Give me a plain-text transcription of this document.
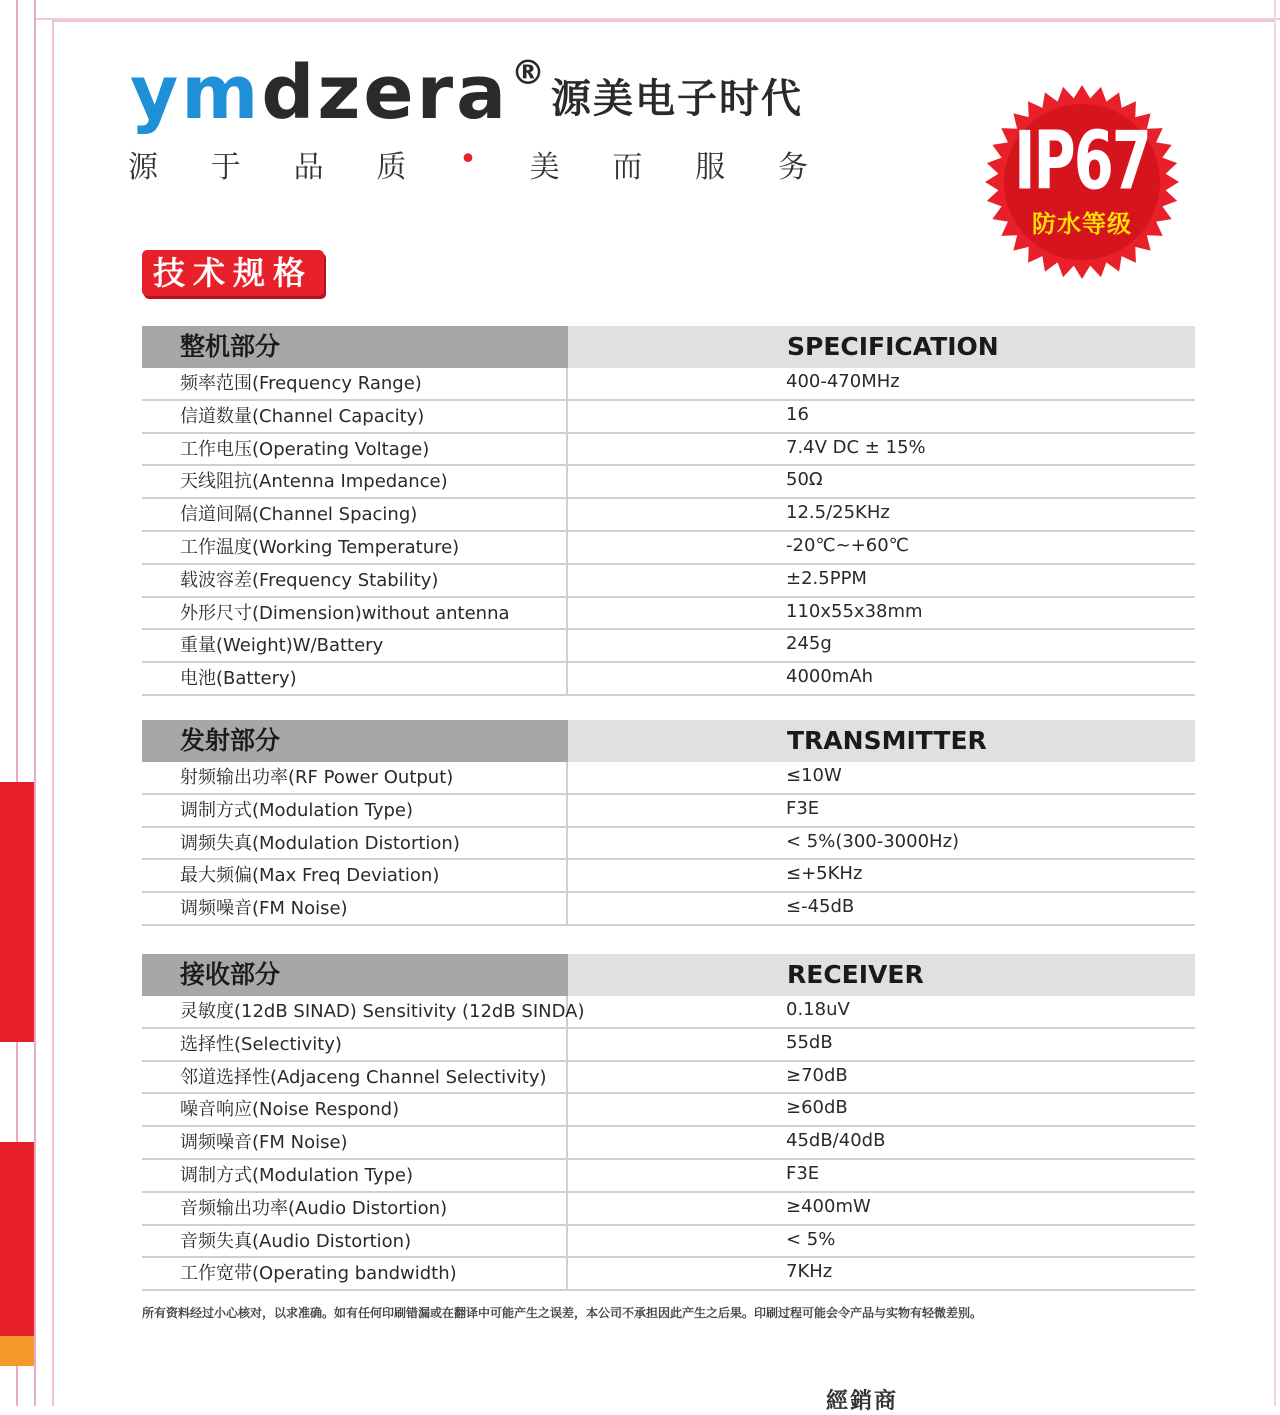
ymdzera®源美电子时代
源 于 品 质 • 美 而 服 务	IP67
防水等级
技术规格
整机部分	SPECIFICATION
频率范围(Frequency Range)	400-470MHz
信道数量(Channel Capacity)	16
工作电压(Operating Voltage)	7.4V DC ± 15%
天线阻抗(Antenna Impedance)	50Ω
信道间隔(Channel Spacing)	12.5/25KHz
工作温度(Working Temperature)	-20℃~+60℃
载波容差(Frequency Stability)	±2.5PPM
外形尺寸(Dimension)without antenna	110x55x38mm
重量(Weight)W/Battery	245g
电池(Battery)	4000mAh
发射部分	TRANSMITTER
射频输出功率(RF Power Output)	≤10W
调制方式(Modulation Type)	F3E
调频失真(Modulation Distortion)	< 5%(300-3000Hz)
最大频偏(Max Freq Deviation)	≤+5KHz
调频噪音(FM Noise)	≤-45dB
接收部分	RECEIVER
灵敏度(12dB SINAD) Sensitivity (12dB SINDA)	0.18uV
选择性(Selectivity)	55dB
邻道选择性(Adjaceng Channel Selectivity)	≥70dB
噪音响应(Noise Respond)	≥60dB
调频噪音(FM Noise)	45dB/40dB
调制方式(Modulation Type)	F3E
音频输出功率(Audio Distortion)	≥400mW
音频失真(Audio Distortion)	< 5%
工作宽带(Operating bandwidth)	7KHz
所有资料经过小心核对，以求准确。如有任何印刷错漏或在翻译中可能产生之误差，本公司不承担因此产生之后果。印刷过程可能会令产品与实物有轻微差别。
經銷商
